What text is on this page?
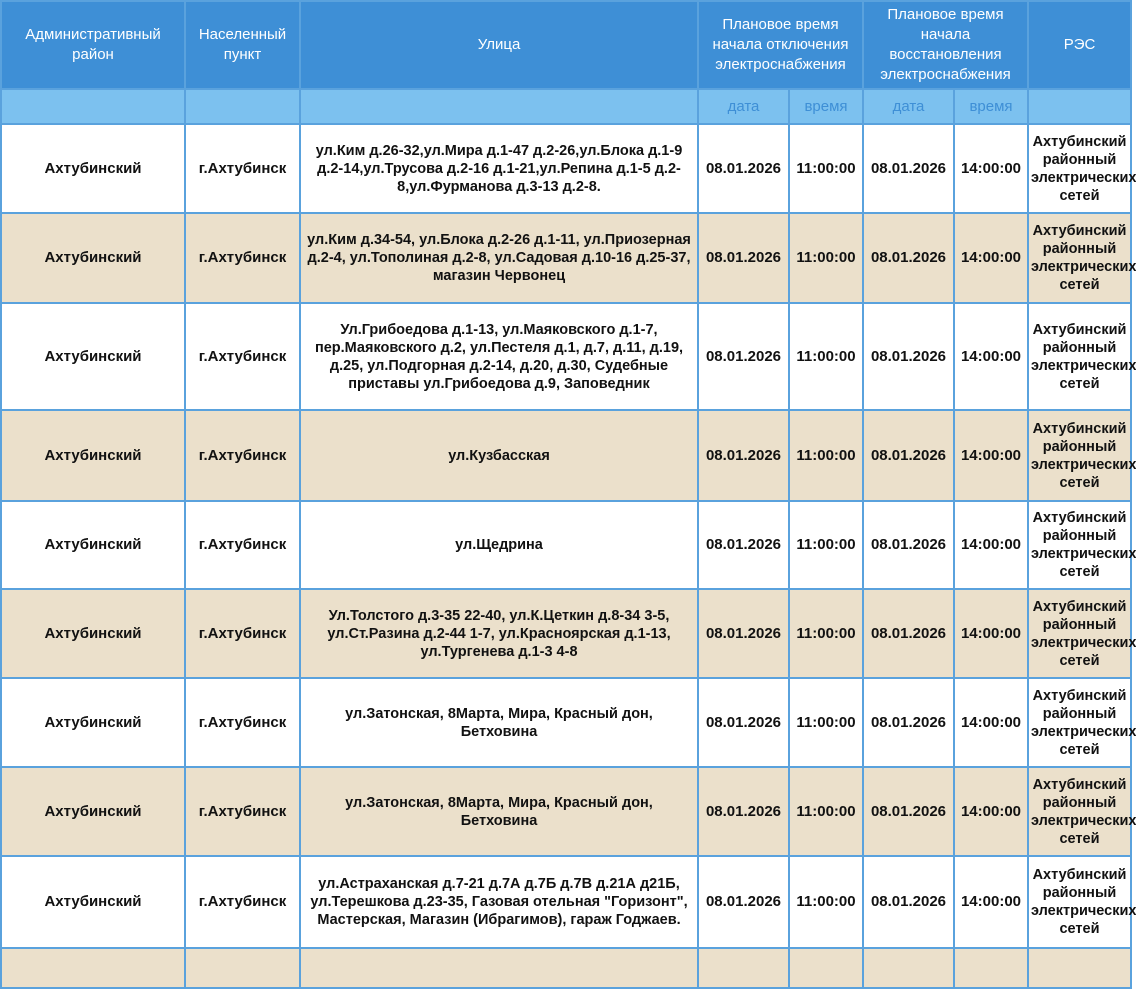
Административный район	Населенный пункт	Улица	Плановое время начала отключения электроснабжения		Плановое время начала восстановления электроснабжения		РЭС
			дата	время	дата	время	
Ахтубинский	г.Ахтубинск	ул.Ким д.26-32,ул.Мира д.1-47 д.2-26,ул.Блока д.1-9 д.2-14,ул.Трусова д.2-16 д.1-21,ул.Репина д.1-5 д.2-8,ул.Фурманова д.3-13 д.2-8.	08.01.2026	11:00:00	08.01.2026	14:00:00	Ахтубинский районный электрических сетей
Ахтубинский	г.Ахтубинск	ул.Ким д.34-54, ул.Блока д.2-26 д.1-11, ул.Приозерная д.2-4, ул.Тополиная д.2-8, ул.Садовая д.10-16 д.25-37, магазин Червонец	08.01.2026	11:00:00	08.01.2026	14:00:00	Ахтубинский районный электрических сетей
Ахтубинский	г.Ахтубинск	Ул.Грибоедова д.1-13, ул.Маяковского д.1-7, пер.Маяковского д.2, ул.Пестеля д.1, д.7, д.11, д.19, д.25, ул.Подгорная д.2-14, д.20, д.30, Судебные приставы ул.Грибоедова д.9, Заповедник	08.01.2026	11:00:00	08.01.2026	14:00:00	Ахтубинский районный электрических сетей
Ахтубинский	г.Ахтубинск	ул.Кузбасская	08.01.2026	11:00:00	08.01.2026	14:00:00	Ахтубинский районный электрических сетей
Ахтубинский	г.Ахтубинск	ул.Щедрина	08.01.2026	11:00:00	08.01.2026	14:00:00	Ахтубинский районный электрических сетей
Ахтубинский	г.Ахтубинск	Ул.Толстого д.3-35 22-40, ул.К.Цеткин д.8-34 3-5, ул.Ст.Разина д.2-44 1-7, ул.Красноярская д.1-13, ул.Тургенева д.1-3 4-8	08.01.2026	11:00:00	08.01.2026	14:00:00	Ахтубинский районный электрических сетей
Ахтубинский	г.Ахтубинск	ул.Затонская, 8Марта, Мира, Красный дон, Бетховина	08.01.2026	11:00:00	08.01.2026	14:00:00	Ахтубинский районный электрических сетей
Ахтубинский	г.Ахтубинск	ул.Затонская, 8Марта, Мира, Красный дон, Бетховина	08.01.2026	11:00:00	08.01.2026	14:00:00	Ахтубинский районный электрических сетей
Ахтубинский	г.Ахтубинск	ул.Астраханская д.7-21 д.7А д.7Б д.7В д.21А д21Б, ул.Терешкова д.23-35, Газовая отельная "Горизонт", Мастерская, Магазин (Ибрагимов), гараж Годжаев.	08.01.2026	11:00:00	08.01.2026	14:00:00	Ахтубинский районный электрических сетей
